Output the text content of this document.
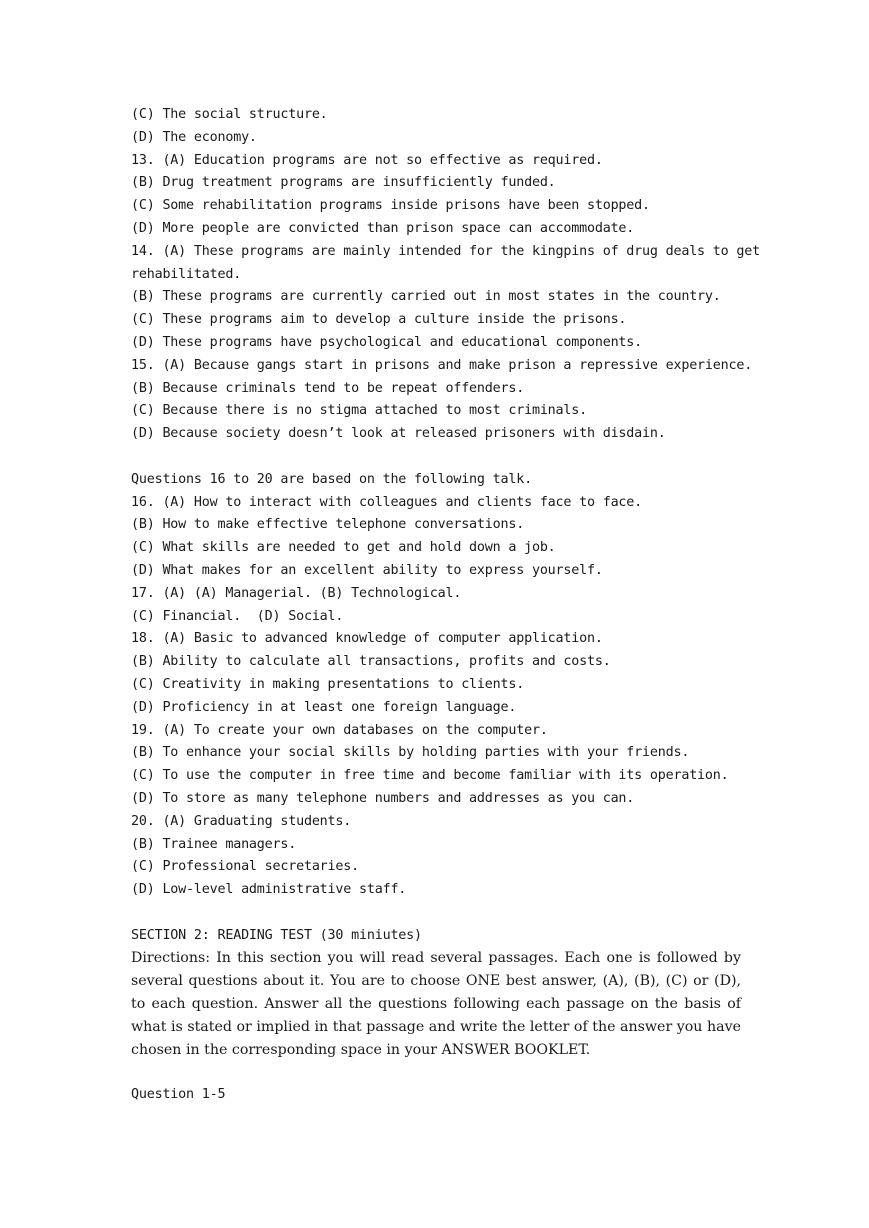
(C) The social structure.
(D) The economy.
13. (A) Education programs are not so effective as required.
(B) Drug treatment programs are insufficiently funded.
(C) Some rehabilitation programs inside prisons have been stopped.
(D) More people are convicted than prison space can accommodate.
14. (A) These programs are mainly intended for the kingpins of drug deals to get
rehabilitated.
(B) These programs are currently carried out in most states in the country.
(C) These programs aim to develop a culture inside the prisons.
(D) These programs have psychological and educational components.
15. (A) Because gangs start in prisons and make prison a repressive experience.
(B) Because criminals tend to be repeat offenders.
(C) Because there is no stigma attached to most criminals.
(D) Because society doesn’t look at released prisoners with disdain.
Questions 16 to 20 are based on the following talk.
16. (A) How to interact with colleagues and clients face to face.
(B) How to make effective telephone conversations.
(C) What skills are needed to get and hold down a job.
(D) What makes for an excellent ability to express yourself.
17. (A) (A) Managerial. (B) Technological.
(C) Financial.  (D) Social.
18. (A) Basic to advanced knowledge of computer application.
(B) Ability to calculate all transactions, profits and costs.
(C) Creativity in making presentations to clients.
(D) Proficiency in at least one foreign language.
19. (A) To create your own databases on the computer.
(B) To enhance your social skills by holding parties with your friends.
(C) To use the computer in free time and become familiar with its operation.
(D) To store as many telephone numbers and addresses as you can.
20. (A) Graduating students.
(B) Trainee managers.
(C) Professional secretaries.
(D) Low-level administrative staff.
SECTION 2: READING TEST (30 miniutes)
Directions: In this section you will read several passages. Each one is followed by several questions about it. You are to choose ONE best answer, (A), (B), (C) or (D), to each question. Answer all the questions following each passage on the basis of what is stated or implied in that passage and write the letter of the answer you have chosen in the corresponding space in your ANSWER BOOKLET.
Question 1-5
